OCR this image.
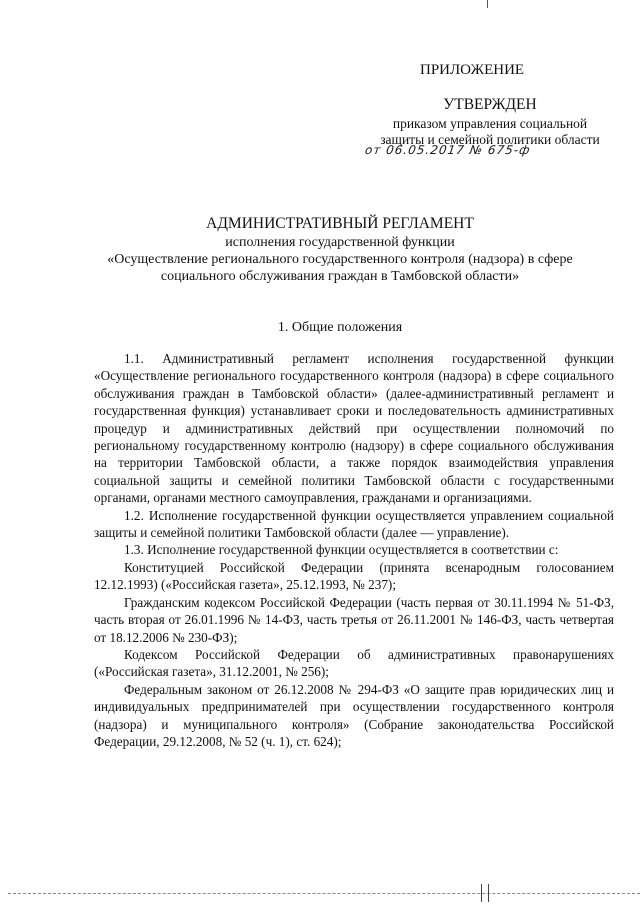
ПРИЛОЖЕНИЕ
УТВЕРЖДЕН
приказом управления социальной
защиты и семейной политики области
от 06.05.2017 № 675-ф
АДМИНИСТРАТИВНЫЙ РЕГЛАМЕНТ
исполнения государственной функции
«Осуществление регионального государственного контроля (надзора) в сфере
социального обслуживания граждан в Тамбовской области»
1. Общие положения

1.1. Административный регламент исполнения государственной функции «Осуществление регионального государственного контроля (надзора) в сфере социального обслуживания граждан в Тамбовской области» (далее-административный регламент и государственная функция) устанавливает сроки и последовательность административных процедур и административных действий при осуществлении полномочий по региональному государственному контролю (надзору) в сфере социального обслуживания на территории Тамбовской области, а также порядок взаимодействия управления социальной защиты и семейной политики Тамбовской области с государственными органами, органами местного самоуправления, гражданами и организациями.

1.2. Исполнение государственной функции осуществляется управлением социальной защиты и семейной политики Тамбовской области (далее — управление).

1.3. Исполнение государственной функции осуществляется в соответствии с:

Конституцией Российской Федерации (принята всенародным голосованием 12.12.1993) («Российская газета», 25.12.1993, № 237);

Гражданским кодексом Российской Федерации (часть первая от 30.11.1994 № 51-ФЗ, часть вторая от 26.01.1996 № 14-ФЗ, часть третья от 26.11.2001 № 146-ФЗ, часть четвертая от 18.12.2006 № 230-ФЗ);

Кодексом Российской Федерации об административных правонарушениях («Российская газета», 31.12.2001, № 256);

Федеральным законом от 26.12.2008 № 294-ФЗ «О защите прав юридических лиц и индивидуальных предпринимателей при осуществлении государственного контроля (надзора) и муниципального контроля» (Собрание законодательства Российской Федерации, 29.12.2008, № 52 (ч. 1), ст. 624);
